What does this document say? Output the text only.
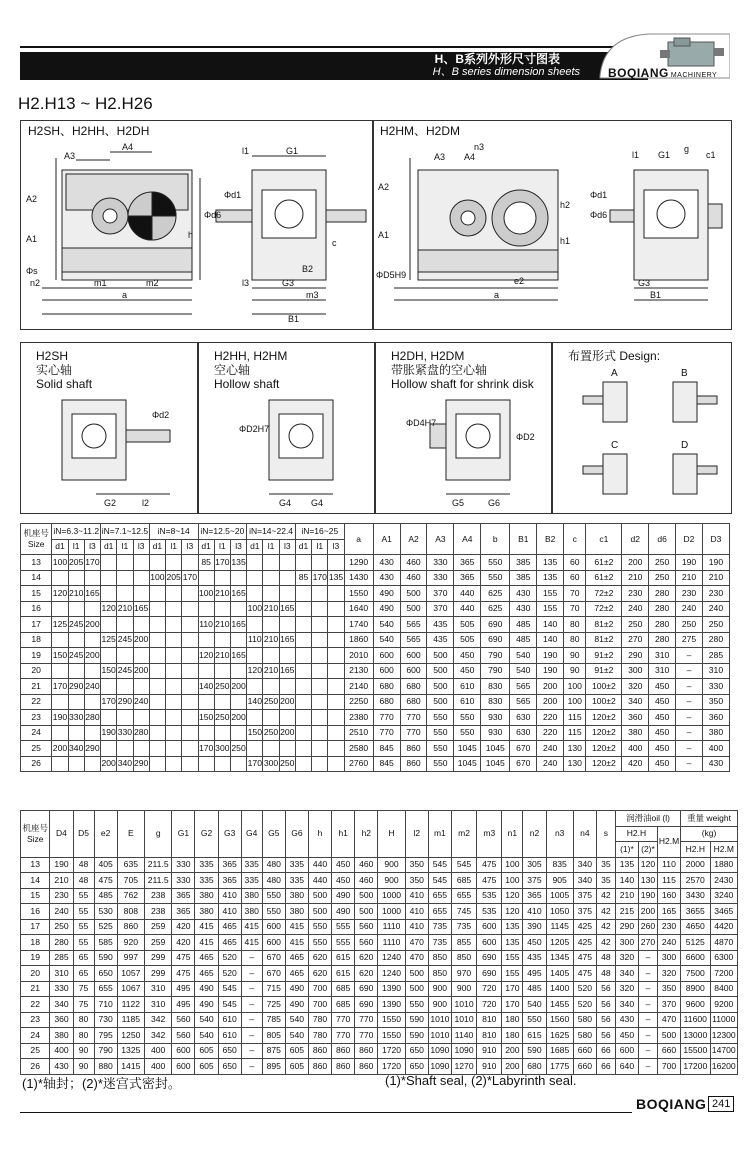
H、B系列外形尺寸图表
H、B series dimension sheets BOQIANG MACHINERY
H2.H13 ~ H2.H26
H2SH、H2HH、H2DH	H2HM、H2DM
H2SH
实心轴
Solid shaft
H2HH, H2HM
空心轴
Hollow shaft
H2DH, H2DM
带胀紧盘的空心轴
Hollow shaft for shrink disk
布置形式 Design:
A3
A4
A2
A1
Φs
n2	m1	m2
a
h
l1	G1
Φd1
Φd6
c
B2
G3
l3
m3
B1
A3
n3
A4
A2
A1
ΦD5H9
e2
a
h2
h1
l1 G1
g
c1
Φd1
Φd6
G3
B1
Φd2
G2	l2
ΦD2H7
G4 G4
ΦD4H7
ΦD2
G5	G6
A	B
C	D
机座号
Size	iN=6.3~11.2			iN=7.1~12.5			iN=8~14			iN=12.5~20			iN=14~22.4			iN=16~25			a	A1	A2	A3	A4	b	B1	B2	c	c1	d2	d6	D2	D3
	d1	l1	l3	d1	l1	l3	d1	l1	l3	d1	l1	l3	d1	l1	l3	d1	l1	l3														
13	100	205	170							85	170	135							1290	430	460	330	365	550	385	135	60	61±2	200	250	190	190
14							100	205	170							85	170	135	1430	430	460	330	365	550	385	135	60	61±2	210	250	210	210
15	120	210	165							100	210	165							1550	490	500	370	440	625	430	155	70	72±2	230	280	230	230
16				120	210	165							100	210	165				1640	490	500	370	440	625	430	155	70	72±2	240	280	240	240
17	125	245	200							110	210	165							1740	540	565	435	505	690	485	140	80	81±2	250	280	250	250
18				125	245	200							110	210	165				1860	540	565	435	505	690	485	140	80	81±2	270	280	275	280
19	150	245	200							120	210	165							2010	600	600	500	450	790	540	190	90	91±2	290	310	–	285
20				150	245	200							120	210	165				2130	600	600	500	450	790	540	190	90	91±2	300	310	–	310
21	170	290	240							140	250	200							2140	680	680	500	610	830	565	200	100	100±2	320	450	–	330
22				170	290	240							140	250	200				2250	680	680	500	610	830	565	200	100	100±2	340	450	–	350
23	190	330	280							150	250	200							2380	770	770	550	550	930	630	220	115	120±2	360	450	–	360
24				190	330	280							150	250	200				2510	770	770	550	550	930	630	220	115	120±2	380	450	–	380
25	200	340	290							170	300	250							2580	845	860	550	1045	1045	670	240	130	120±2	400	450	–	400
26				200	340	290							170	300	250				2760	845	860	550	1045	1045	670	240	130	120±2	420	450	–	430
机座号
Size	D4	D5	e2	E	g	G1	G2	G3	G4	G5	G6	h	h1	h2	H	l2	m1	m2	m3	n1	n2	n3	n4	s	润滑油oil (l)			重量 weight	
																									H2.H		H2.M	(kg)	
																									(1)*	(2)*		H2.H	H2.M
13	190	48	405	635	211.5	330	335	365	335	480	335	440	450	460	900	350	545	545	475	100	305	835	340	35	135	120	110	2000	1880
14	210	48	475	705	211.5	330	335	365	335	480	335	440	450	460	900	350	545	685	475	100	375	905	340	35	140	130	115	2570	2430
15	230	55	485	762	238	365	380	410	380	550	380	500	490	500	1000	410	655	655	535	120	365	1005	375	42	210	190	160	3430	3240
16	240	55	530	808	238	365	380	410	380	550	380	500	490	500	1000	410	655	745	535	120	410	1050	375	42	215	200	165	3655	3465
17	250	55	525	860	259	420	415	465	415	600	415	550	555	560	1110	410	735	735	600	135	390	1145	425	42	290	260	230	4650	4420
18	280	55	585	920	259	420	415	465	415	600	415	550	555	560	1110	470	735	855	600	135	450	1205	425	42	300	270	240	5125	4870
19	285	65	590	997	299	475	465	520	–	670	465	620	615	620	1240	470	850	850	690	155	435	1345	475	48	320	–	300	6600	6300
20	310	65	650	1057	299	475	465	520	–	670	465	620	615	620	1240	500	850	970	690	155	495	1405	475	48	340	–	320	7500	7200
21	330	75	655	1067	310	495	490	545	–	715	490	700	685	690	1390	500	900	900	720	170	485	1400	520	56	320	–	350	8900	8400
22	340	75	710	1122	310	495	490	545	–	725	490	700	685	690	1390	550	900	1010	720	170	540	1455	520	56	340	–	370	9600	9200
23	360	80	730	1185	342	560	540	610	–	785	540	780	770	770	1550	590	1010	1010	810	180	550	1560	580	56	430	–	470	11600	11000
24	380	80	795	1250	342	560	540	610	–	805	540	780	770	770	1550	590	1010	1140	810	180	615	1625	580	56	450	–	500	13000	12300
25	400	90	790	1325	400	600	605	650	–	875	605	860	860	860	1720	650	1090	1090	910	200	590	1685	660	66	600	–	660	15500	14700
26	430	90	880	1415	400	600	605	650	–	895	605	860	860	860	1720	650	1090	1270	910	200	680	1775	660	66	640	–	700	17200	16200
(1)*轴封；(2)*迷宫式密封。	(1)*Shaft seal, (2)*Labyrinth seal.
BOQIANG 241
